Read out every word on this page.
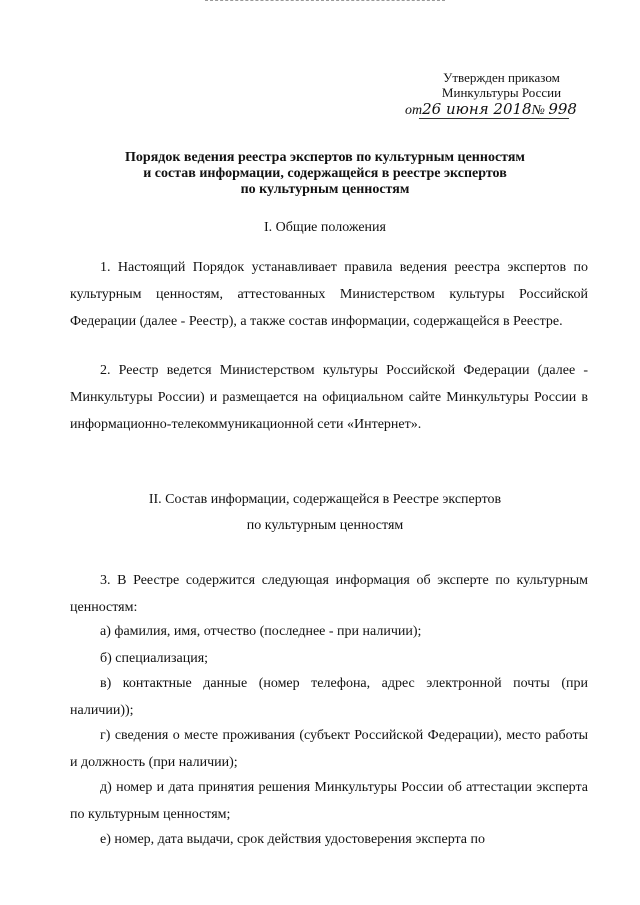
Утвержден приказом
Минкультуры России
от26 июня 2018№ 998
Порядок ведения реестра экспертов по культурным ценностям
и состав информации, содержащейся в реестре экспертов
по культурным ценностям
I. Общие положения

1. Настоящий Порядок устанавливает правила ведения реестра экспертов по культурным ценностям, аттестованных Министерством культуры Российской Федерации (далее - Реестр), а также состав информации, содержащейся в Реестре.

2. Реестр ведется Министерством культуры Российской Федерации (далее - Минкультуры России) и размещается на официальном сайте Минкультуры России в информационно-телекоммуникационной сети «Интернет».

II. Состав информации, содержащейся в Реестре экспертов
по культурным ценностям

3. В Реестре содержится следующая информация об эксперте по культурным ценностям:

а) фамилия, имя, отчество (последнее - при наличии);

б) специализация;

в) контактные данные (номер телефона, адрес электронной почты (при наличии));

г) сведения о месте проживания (субъект Российской Федерации), место работы и должность (при наличии);

д) номер и дата принятия решения Минкультуры России об аттестации эксперта по культурным ценностям;

е) номер, дата выдачи, срок действия удостоверения эксперта по
